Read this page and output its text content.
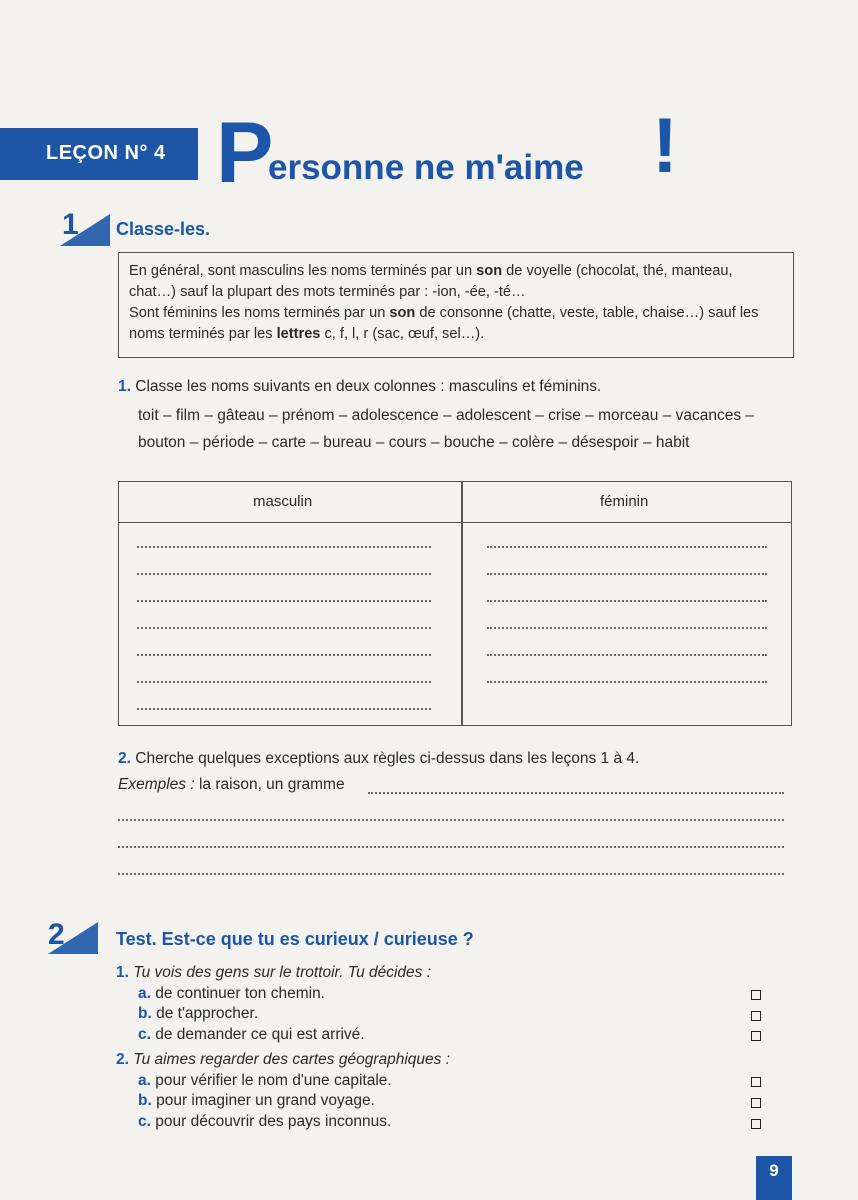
LEÇON N° 4 P
ersonne ne m'aime !
1 Classe-les.

En général, sont masculins les noms terminés par un son de voyelle (chocolat, thé, manteau, chat…) sauf la plupart des mots terminés par : -ion, -ée, -té…

Sont féminins les noms terminés par un son de consonne (chatte, veste, table, chaise…) sauf les noms terminés par les lettres c, f, l, r (sac, œuf, sel…).

1. Classe les noms suivants en deux colonnes : masculins et féminins.
toit – film – gâteau – prénom – adolescence – adolescent – crise – morceau – vacances –
bouton – période – carte – bureau – cours – bouche – colère – désespoir – habit
masculin	féminin
2. Cherche quelques exceptions aux règles ci-dessus dans les leçons 1 à 4.
Exemples : la raison, un gramme
2	Test. Est-ce que tu es curieux / curieuse ?
1. Tu vois des gens sur le trottoir. Tu décides :
a. de continuer ton chemin.
b. de t'approcher.
c. de demander ce qui est arrivé.
2. Tu aimes regarder des cartes géographiques :
a. pour vérifier le nom d'une capitale.
b. pour imaginer un grand voyage.
c. pour découvrir des pays inconnus.
9
